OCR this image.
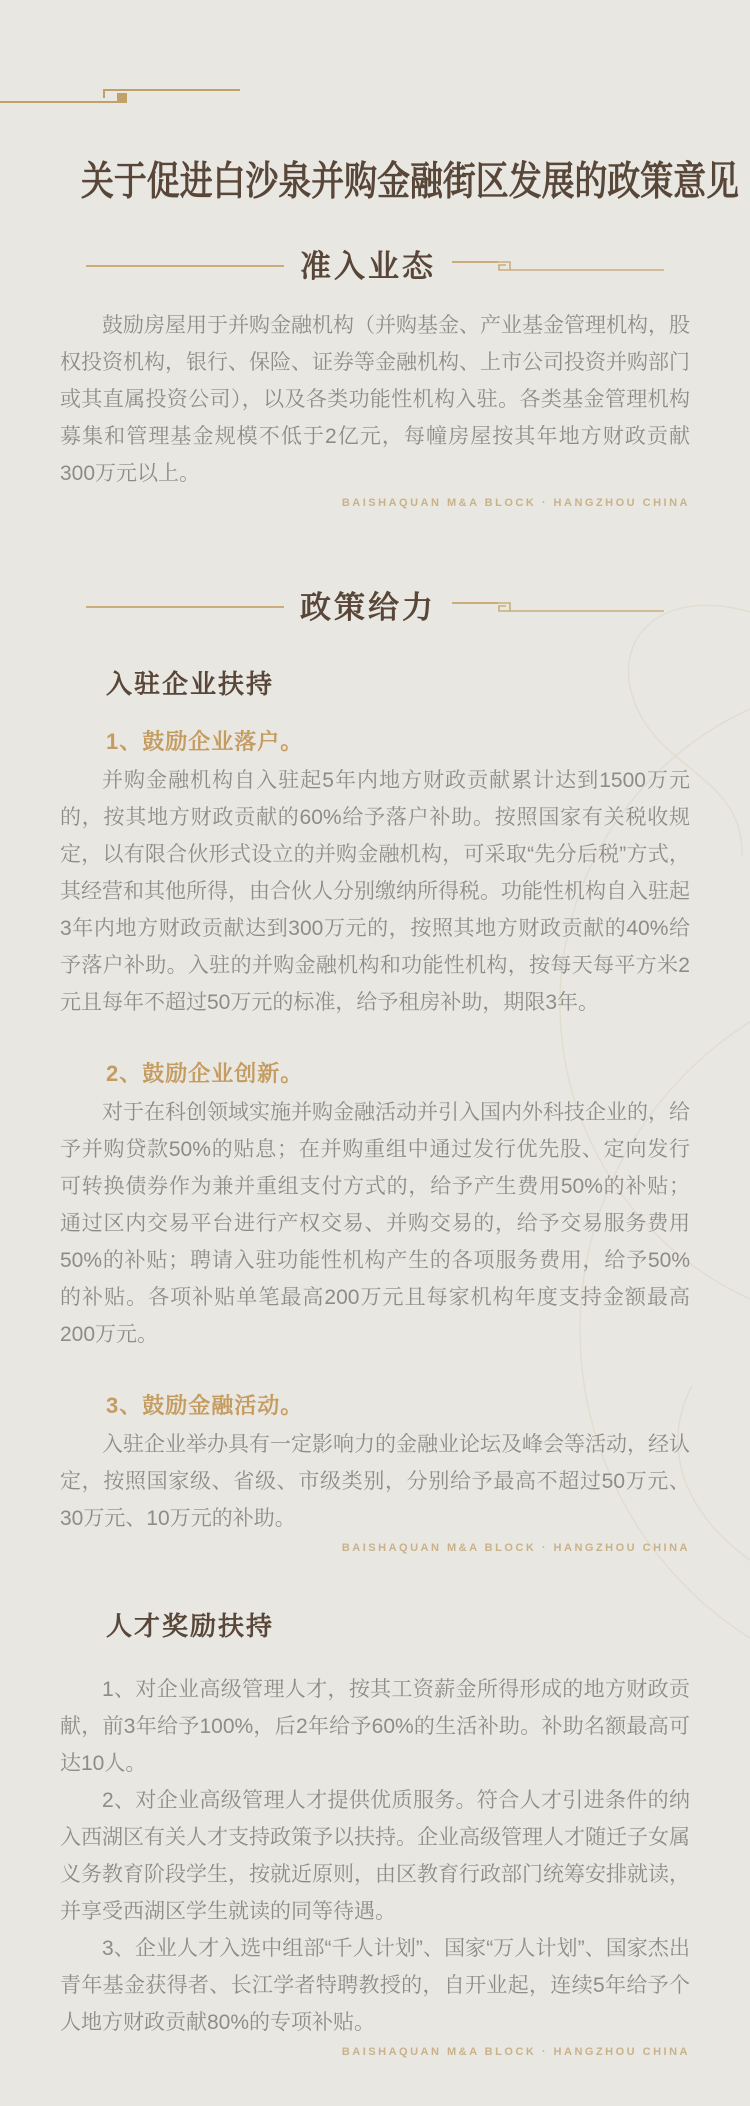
关于促进白沙泉并购金融街区发展的政策意见
准入业态

鼓励房屋用于并购金融机构（并购基金、产业基金管理机构，股权投资机构，银行、保险、证券等金融机构、上市公司投资并购部门或其直属投资公司），以及各类功能性机构入驻。各类基金管理机构募集和管理基金规模不低于2亿元，每幢房屋按其年地方财政贡献300万元以上。

BAISHAQUAN M&A BLOCK · HANGZHOU CHINA
政策给力
入驻企业扶持
1、鼓励企业落户。

并购金融机构自入驻起5年内地方财政贡献累计达到1500万元的，按其地方财政贡献的60%给予落户补助。按照国家有关税收规定，以有限合伙形式设立的并购金融机构，可采取“先分后税”方式，其经营和其他所得，由合伙人分别缴纳所得税。功能性机构自入驻起3年内地方财政贡献达到300万元的，按照其地方财政贡献的40%给予落户补助。入驻的并购金融机构和功能性机构，按每天每平方米2元且每年不超过50万元的标准，给予租房补助，期限3年。

2、鼓励企业创新。

对于在科创领域实施并购金融活动并引入国内外科技企业的，给予并购贷款50%的贴息；在并购重组中通过发行优先股、定向发行可转换债券作为兼并重组支付方式的，给予产生费用50%的补贴；通过区内交易平台进行产权交易、并购交易的，给予交易服务费用50%的补贴；聘请入驻功能性机构产生的各项服务费用，给予50%的补贴。各项补贴单笔最高200万元且每家机构年度支持金额最高200万元。

3、鼓励金融活动。

入驻企业举办具有一定影响力的金融业论坛及峰会等活动，经认定，按照国家级、省级、市级类别，分别给予最高不超过50万元、30万元、10万元的补助。

BAISHAQUAN M&A BLOCK · HANGZHOU CHINA
人才奖励扶持

1、对企业高级管理人才，按其工资薪金所得形成的地方财政贡献，前3年给予100%，后2年给予60%的生活补助。补助名额最高可达10人。

2、对企业高级管理人才提供优质服务。符合人才引进条件的纳入西湖区有关人才支持政策予以扶持。企业高级管理人才随迁子女属义务教育阶段学生，按就近原则，由区教育行政部门统筹安排就读，并享受西湖区学生就读的同等待遇。

3、企业人才入选中组部“千人计划”、国家“万人计划”、国家杰出青年基金获得者、长江学者特聘教授的，自开业起，连续5年给予个人地方财政贡献80%的专项补贴。

BAISHAQUAN M&A BLOCK · HANGZHOU CHINA
